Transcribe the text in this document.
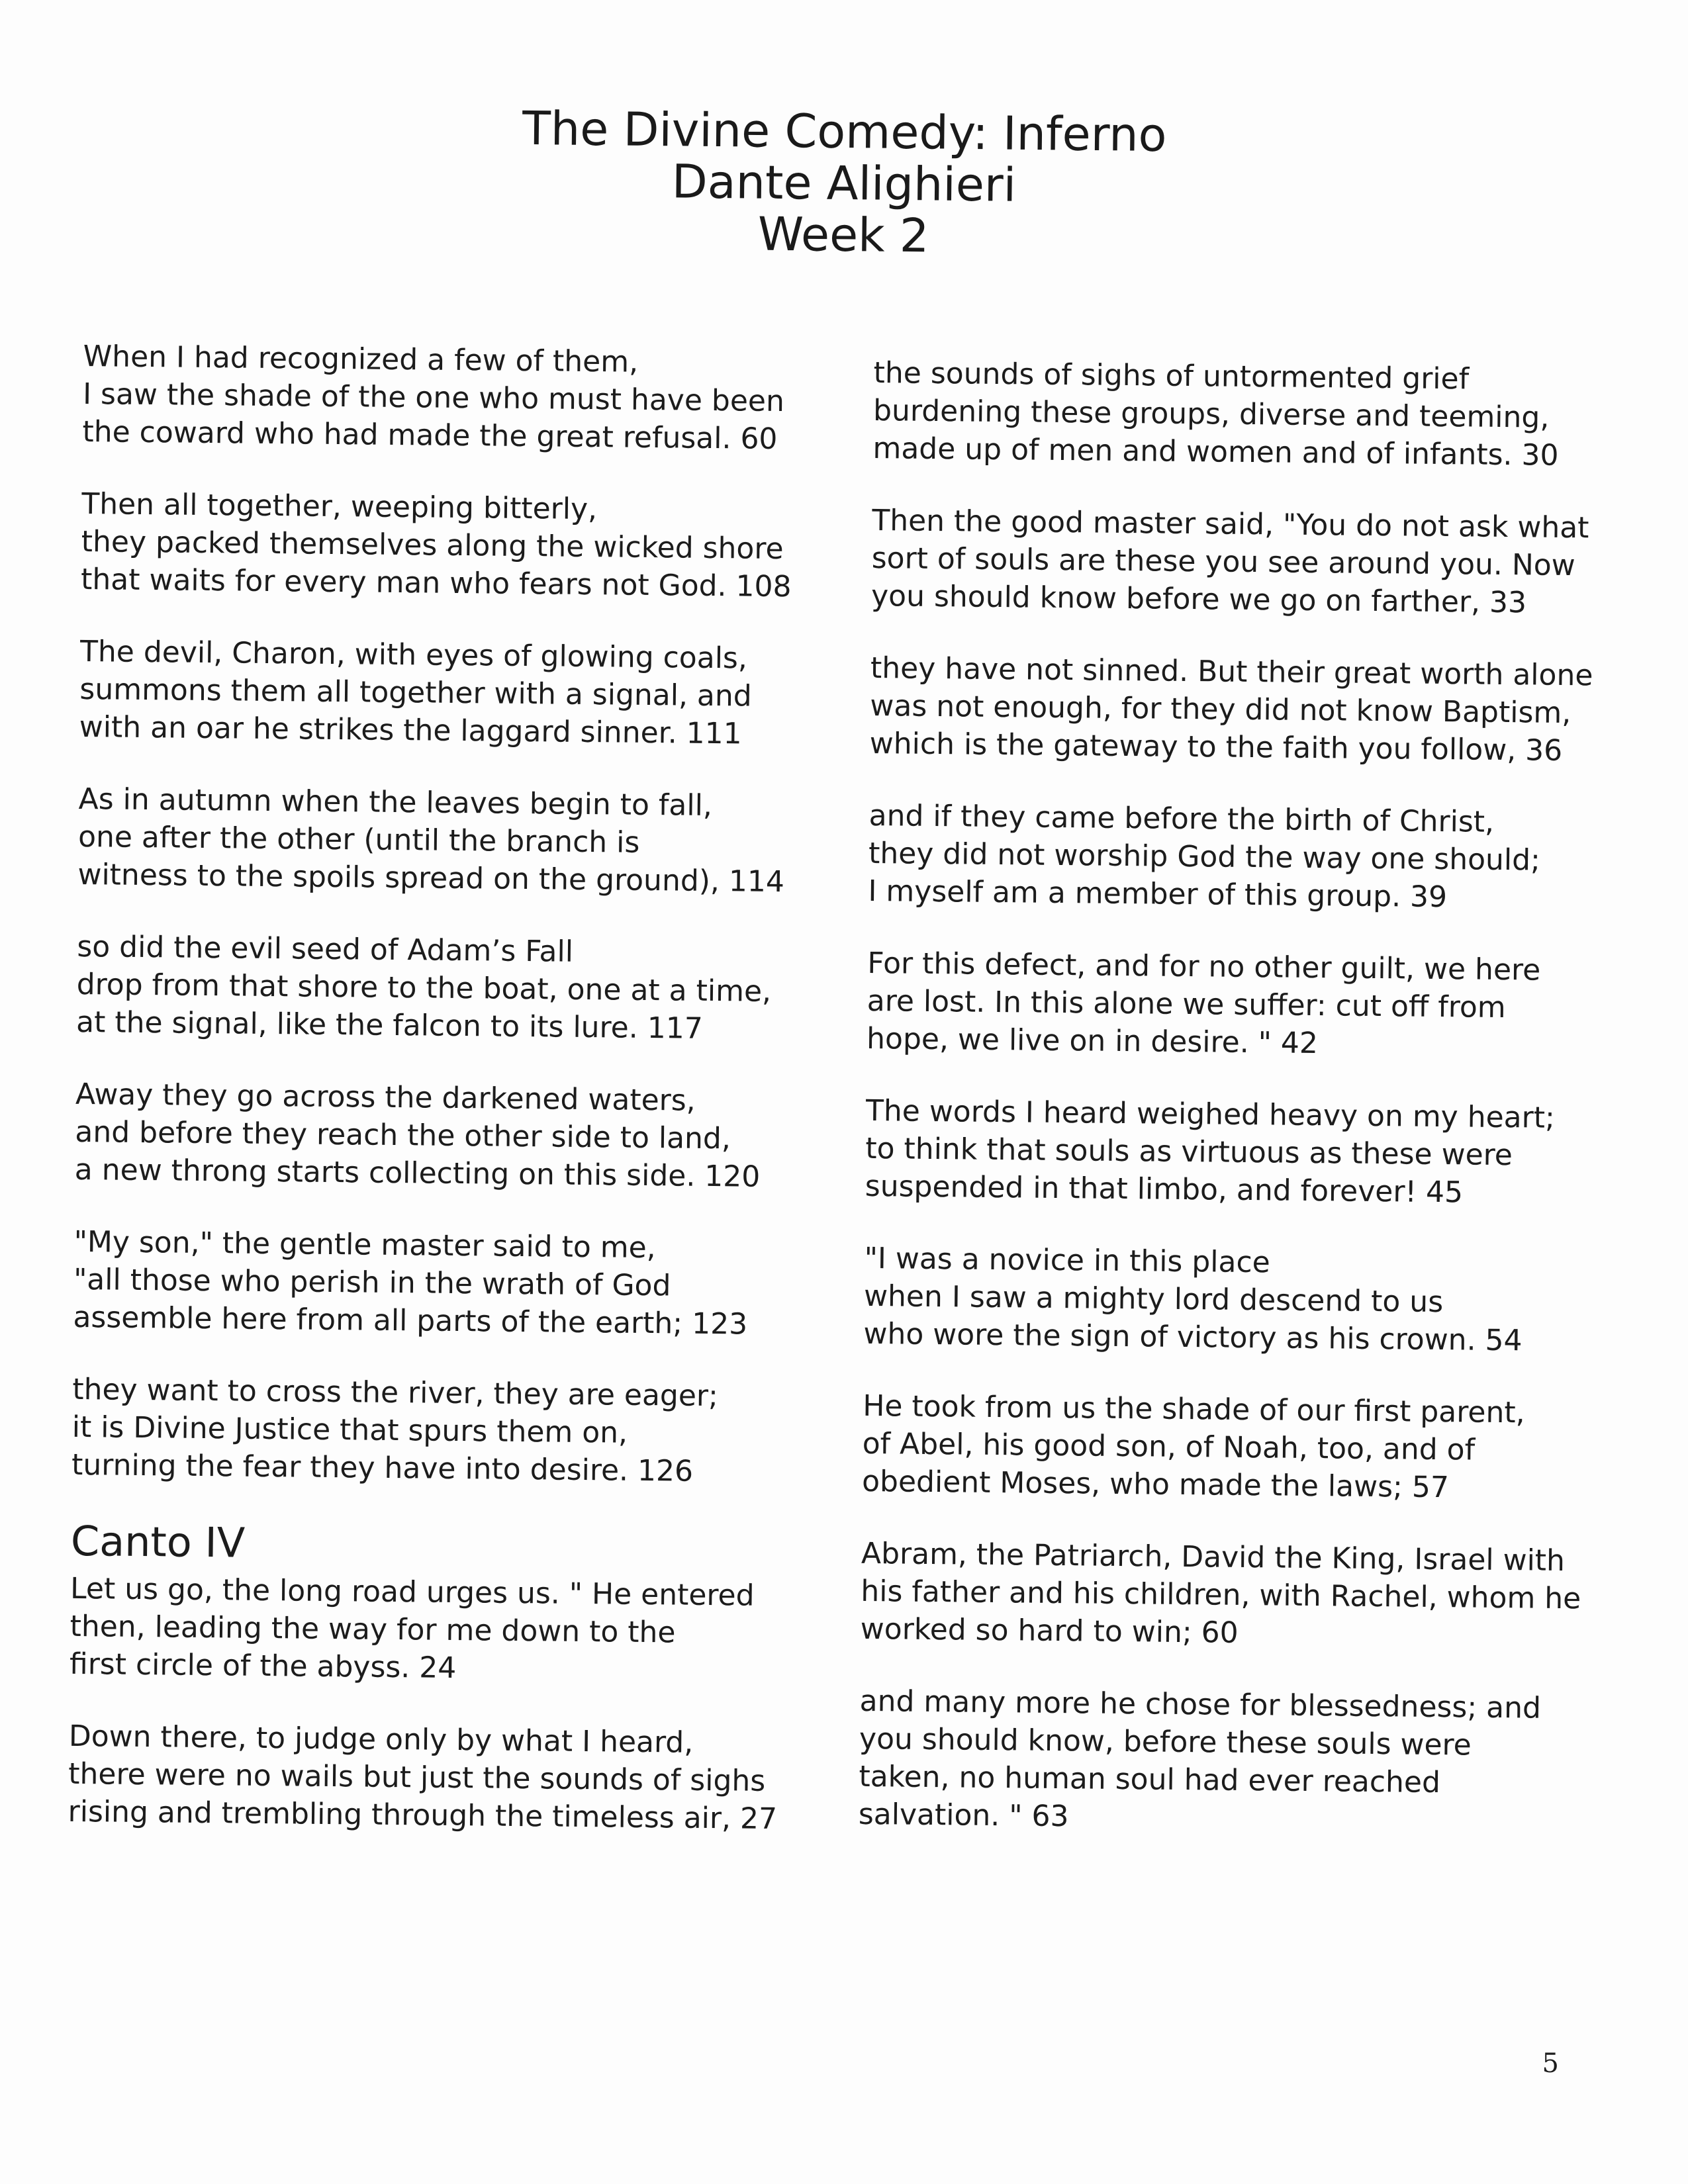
The Divine Comedy: Inferno
Dante Alighieri
Week 2
When I had recognized a few of them,
I saw the shade of the one who must have been
the coward who had made the great refusal. 60
Then all together, weeping bitterly,
they packed themselves along the wicked shore
that waits for every man who fears not God. 108
The devil, Charon, with eyes of glowing coals,
summons them all together with a signal, and
with an oar he strikes the laggard sinner. 111
As in autumn when the leaves begin to fall,
one after the other (until the branch is
witness to the spoils spread on the ground), 114
so did the evil seed of Adam’s Fall
drop from that shore to the boat, one at a time,
at the signal, like the falcon to its lure. 117
Away they go across the darkened waters,
and before they reach the other side to land,
a new throng starts collecting on this side. 120
"My son," the gentle master said to me,
"all those who perish in the wrath of God
assemble here from all parts of the earth; 123
they want to cross the river, they are eager;
it is Divine Justice that spurs them on,
turning the fear they have into desire. 126
Canto IV
Let us go, the long road urges us. " He entered
then, leading the way for me down to the
first circle of the abyss. 24
Down there, to judge only by what I heard,
there were no wails but just the sounds of sighs
rising and trembling through the timeless air, 27
the sounds of sighs of untormented grief
burdening these groups, diverse and teeming,
made up of men and women and of infants. 30
Then the good master said, "You do not ask what
sort of souls are these you see around you. Now
you should know before we go on farther, 33
they have not sinned. But their great worth alone
was not enough, for they did not know Baptism,
which is the gateway to the faith you follow, 36
and if they came before the birth of Christ,
they did not worship God the way one should;
I myself am a member of this group. 39
For this defect, and for no other guilt, we here
are lost. In this alone we suffer: cut off from
hope, we live on in desire. " 42
The words I heard weighed heavy on my heart;
to think that souls as virtuous as these were
suspended in that limbo, and forever! 45
"I was a novice in this place
when I saw a mighty lord descend to us
who wore the sign of victory as his crown. 54
He took from us the shade of our first parent,
of Abel, his good son, of Noah, too, and of
obedient Moses, who made the laws; 57
Abram, the Patriarch, David the King, Israel with
his father and his children, with Rachel, whom he
worked so hard to win; 60
and many more he chose for blessedness; and
you should know, before these souls were
taken, no human soul had ever reached
salvation. " 63
5
